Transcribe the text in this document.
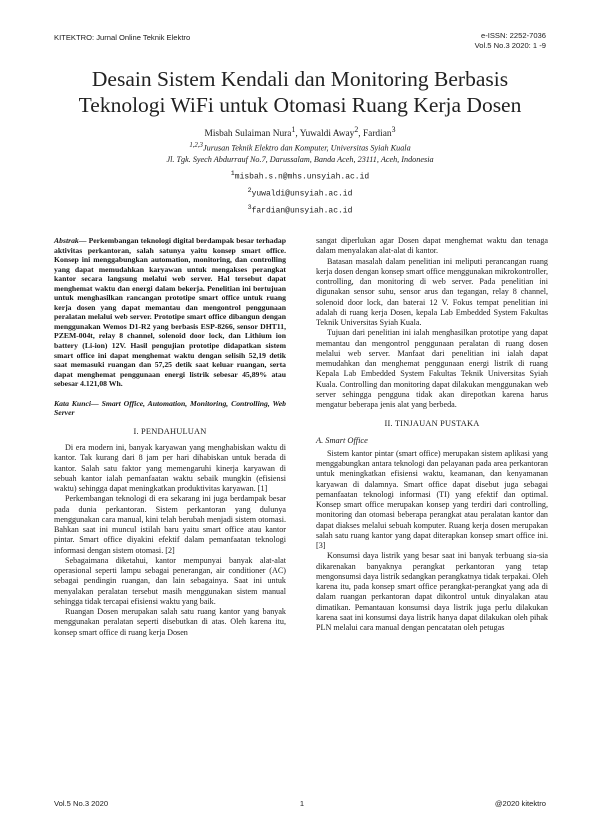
KITEKTRO: Jurnal Online Teknik Elektro	e-ISSN: 2252-7036
Vol.5 No.3 2020: 1 -9
Desain Sistem Kendali dan Monitoring Berbasis
Teknologi WiFi untuk Otomasi Ruang Kerja Dosen
Misbah Sulaiman Nura$^1$, Yuwaldi Away$^2$, Fardian$^3$
$^{1,2,3}$Jurusan Teknik Elektro dan Komputer, Universitas Syiah Kuala
Jl. Tgk. Syech Abdurrauf No.7, Darussalam, Banda Aceh, 23111, Aceh, Indonesia
$^1$misbah.s.n@mhs.unsyiah.ac.id
$^2$yuwaldi@unsyiah.ac.id
$^3$fardian@unsyiah.ac.id

Abstrak— Perkembangan teknologi digital berdampak besar terhadap aktivitas perkantoran, salah satunya yaitu konsep smart office. Konsep ini menggabungkan automation, monitoring, dan controlling yang dapat memudahkan karyawan untuk mengakses perangkat kantor secara langsung melalui web server. Hal tersebut dapat menghemat waktu dan energi dalam bekerja. Penelitian ini bertujuan untuk menghasilkan rancangan prototipe smart office untuk ruang kerja dosen yang dapat memantau dan mengontrol penggunaan peralatan melalui web server. Prototipe smart office dibangun dengan menggunakan Wemos D1-R2 yang berbasis ESP-8266, sensor DHT11, PZEM-004t, relay 8 channel, solenoid door lock, dan Lithium ion battery (Li-ion) 12V. Hasil pengujian prototipe didapatkan sistem smart office ini dapat menghemat waktu dengan selisih 52,19 detik saat memasuki ruangan dan 57,25 detik saat keluar ruangan, serta dapat menghemat penggunaan energi listrik sebesar 45,89% atau sebesar 4.121,08 Wh.

Kata Kunci— Smart Office, Automation, Monitoring, Controlling, Web Server

I. PENDAHULUAN

Di era modern ini, banyak karyawan yang menghabiskan waktu di kantor. Tak kurang dari 8 jam per hari dihabiskan untuk berada di kantor. Salah satu faktor yang memengaruhi kinerja karyawan di sebuah kantor ialah pemanfaatan waktu sebaik mungkin (efisiensi waktu) sehingga dapat meningkatkan produktivitas karyawan. [1]

Perkembangan teknologi di era sekarang ini juga berdampak besar pada dunia perkantoran. Sistem perkantoran yang dulunya menggunakan cara manual, kini telah berubah menjadi sistem otomasi. Bahkan saat ini muncul istilah baru yaitu smart office atau kantor pintar. Smart office diyakini efektif dalam pemanfaatan teknologi informasi dengan sistem otomasi. [2]

Sebagaimana diketahui, kantor mempunyai banyak alat-alat operasional seperti lampu sebagai penerangan, air conditioner (AC) sebagai pendingin ruangan, dan lain sebagainya. Saat ini untuk menyalakan peralatan tersebut masih menggunakan sistem manual sehingga tidak tercapai efisiensi waktu yang baik.

Ruangan Dosen merupakan salah satu ruang kantor yang banyak menggunakan peralatan seperti disebutkan di atas. Oleh karena itu, konsep smart office di ruang kerja Dosen

sangat diperlukan agar Dosen dapat menghemat waktu dan tenaga dalam menyalakan alat-alat di kantor.

Batasan masalah dalam penelitian ini meliputi perancangan ruang kerja dosen dengan konsep smart office menggunakan mikrokontroller, controlling, dan monitoring di web server. Pada penelitian ini digunakan sensor suhu, sensor arus dan tegangan, relay 8 channel, solenoid door lock, dan baterai 12 V. Fokus tempat penelitian ini adalah di ruang kerja Dosen, kepala Lab Embedded System Fakultas Teknik Universitas Syiah Kuala.

Tujuan dari penelitian ini ialah menghasilkan prototipe yang dapat memantau dan mengontrol penggunaan peralatan di ruang dosen melalui web server. Manfaat dari penelitian ini ialah dapat memudahkan dan menghemat penggunaan energi listrik di ruang Kepala Lab Embedded System Fakultas Teknik Universitas Syiah Kuala. Controlling dan monitoring dapat dilakukan menggunakan web server sehingga pengguna tidak akan direpotkan karena harus mengatur beberapa jenis alat yang berbeda.

II. TINJAUAN PUSTAKA

A. Smart Office

Sistem kantor pintar (smart office) merupakan sistem aplikasi yang menggabungkan antara teknologi dan pelayanan pada area perkantoran untuk meningkatkan efisiensi waktu, keamanan, dan kenyamanan karyawan di dalamnya. Smart office dapat disebut juga sebagai pemanfaatan teknologi informasi (TI) yang efektif dan optimal. Konsep smart office merupakan konsep yang terdiri dari controlling, monitoring dan otomasi beberapa perangkat atau peralatan kantor dan dapat diakses melalui sebuah komputer. Ruang kerja dosen merupakan salah satu ruang kantor yang dapat diterapkan konsep smart office ini. [3]

Konsumsi daya listrik yang besar saat ini banyak terbuang sia-sia dikarenakan banyaknya perangkat perkantoran yang tetap mengonsumsi daya listrik sedangkan perangkatnya tidak terpakai. Oleh karena itu, pada konsep smart office perangkat-perangkat yang ada di dalam ruangan perkantoran dapat dikontrol untuk dinyalakan atau dimatikan. Pemantauan konsumsi daya listrik juga perlu dilakukan karena saat ini konsumsi daya listrik hanya dapat dilakukan oleh pihak PLN melalui cara manual dengan pencatatan oleh petugas

Vol.5 No.3 2020	1	@2020 kitektro
